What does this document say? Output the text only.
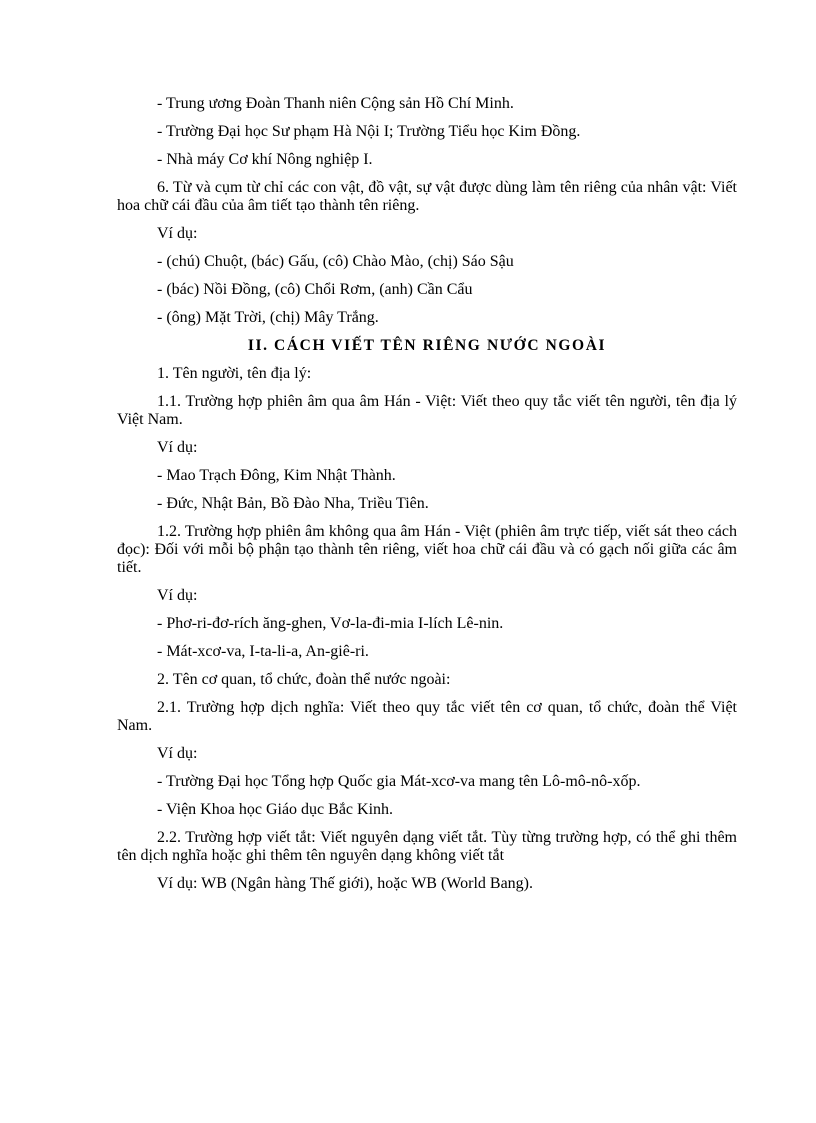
- Trung ương Đoàn Thanh niên Cộng sản Hồ Chí Minh.

- Trường Đại học Sư phạm Hà Nội I; Trường Tiểu học Kim Đồng.

- Nhà máy Cơ khí Nông nghiệp I.

6. Từ và cụm từ chỉ các con vật, đồ vật, sự vật được dùng làm tên riêng của nhân vật: Viết hoa chữ cái đầu của âm tiết tạo thành tên riêng.

Ví dụ:

- (chú) Chuột, (bác) Gấu, (cô) Chào Mào, (chị) Sáo Sậu

- (bác) Nồi Đồng, (cô) Chổi Rơm, (anh) Cần Cẩu

- (ông) Mặt Trời, (chị) Mây Trắng.

II. CÁCH VIẾT TÊN RIÊNG NƯỚC NGOÀI

1. Tên người, tên địa lý:

1.1. Trường hợp phiên âm qua âm Hán - Việt: Viết theo quy tắc viết tên người, tên địa lý Việt Nam.

Ví dụ:

- Mao Trạch Đông, Kim Nhật Thành.

- Đức, Nhật Bản, Bồ Đào Nha, Triều Tiên.

1.2. Trường hợp phiên âm không qua âm Hán - Việt (phiên âm trực tiếp, viết sát theo cách đọc): Đối với mỗi bộ phận tạo thành tên riêng, viết hoa chữ cái đầu và có gạch nối giữa các âm tiết.

Ví dụ:

- Phơ-ri-đơ-rích ăng-ghen, Vơ-la-đi-mia I-lích Lê-nin.

- Mát-xcơ-va, I-ta-li-a, An-giê-ri.

2. Tên cơ quan, tổ chức, đoàn thể nước ngoài:

2.1. Trường hợp dịch nghĩa: Viết theo quy tắc viết tên cơ quan, tổ chức, đoàn thể Việt Nam.

Ví dụ:

- Trường Đại học Tổng hợp Quốc gia Mát-xcơ-va mang tên Lô-mô-nô-xốp.

- Viện Khoa học Giáo dục Bắc Kinh.

2.2. Trường hợp viết tắt: Viết nguyên dạng viết tắt. Tùy từng trường hợp, có thể ghi thêm tên dịch nghĩa hoặc ghi thêm tên nguyên dạng không viết tắt

Ví dụ: WB (Ngân hàng Thế giới), hoặc WB (World Bang).
